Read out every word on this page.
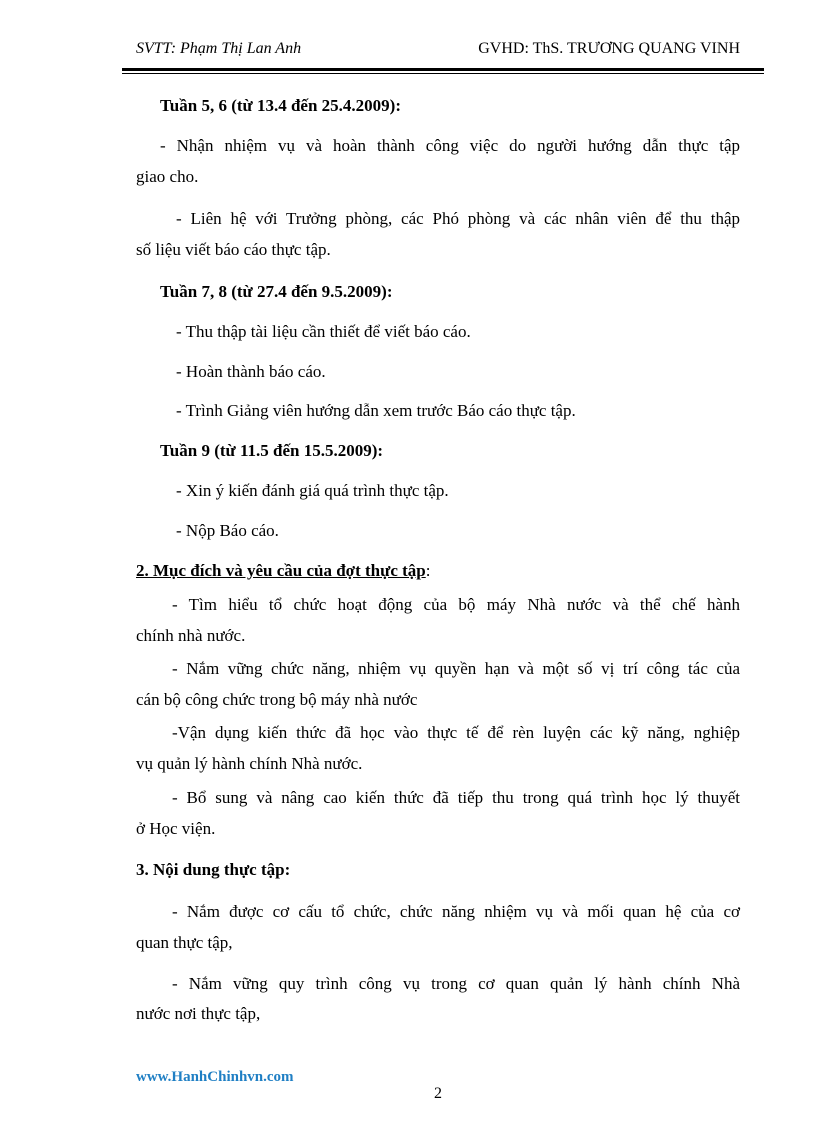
SVTT: Phạm Thị Lan Anh	GVHD: ThS. TRƯƠNG QUANG VINH
Tuần 5, 6 (từ 13.4 đến 25.4.2009):
- Nhận nhiệm vụ và hoàn thành công việc do người hướng dẫn thực tập
giao cho.
- Liên hệ với Trưởng phòng, các Phó phòng và các nhân viên để thu thập
số liệu viết báo cáo thực tập.
Tuần 7, 8 (từ 27.4 đến 9.5.2009):
- Thu thập tài liệu cần thiết để viết báo cáo.
- Hoàn thành báo cáo.
- Trình Giảng viên hướng dẫn xem trước Báo cáo thực tập.
Tuần 9 (từ 11.5 đến 15.5.2009):
- Xin ý kiến đánh giá quá trình thực tập.
- Nộp Báo cáo.
2. Mục đích và yêu cầu của đợt thực tập:
- Tìm hiểu tổ chức hoạt động của bộ máy Nhà nước và thể chế hành
chính nhà nước.
- Nắm vững chức năng, nhiệm vụ quyền hạn và một số vị trí công tác của
cán bộ công chức trong bộ máy nhà nước
-Vận dụng kiến thức đã học vào thực tế để rèn luyện các kỹ năng, nghiệp
vụ quản lý hành chính Nhà nước.
- Bổ sung và nâng cao kiến thức đã tiếp thu trong quá trình học lý thuyết
ở Học viện.
3. Nội dung thực tập:
- Nắm được cơ cấu tổ chức, chức năng nhiệm vụ và mối quan hệ của cơ
quan thực tập,
- Nắm vững quy trình công vụ trong cơ quan quản lý hành chính Nhà
nước nơi thực tập,
www.HanhChinhvn.com
2
